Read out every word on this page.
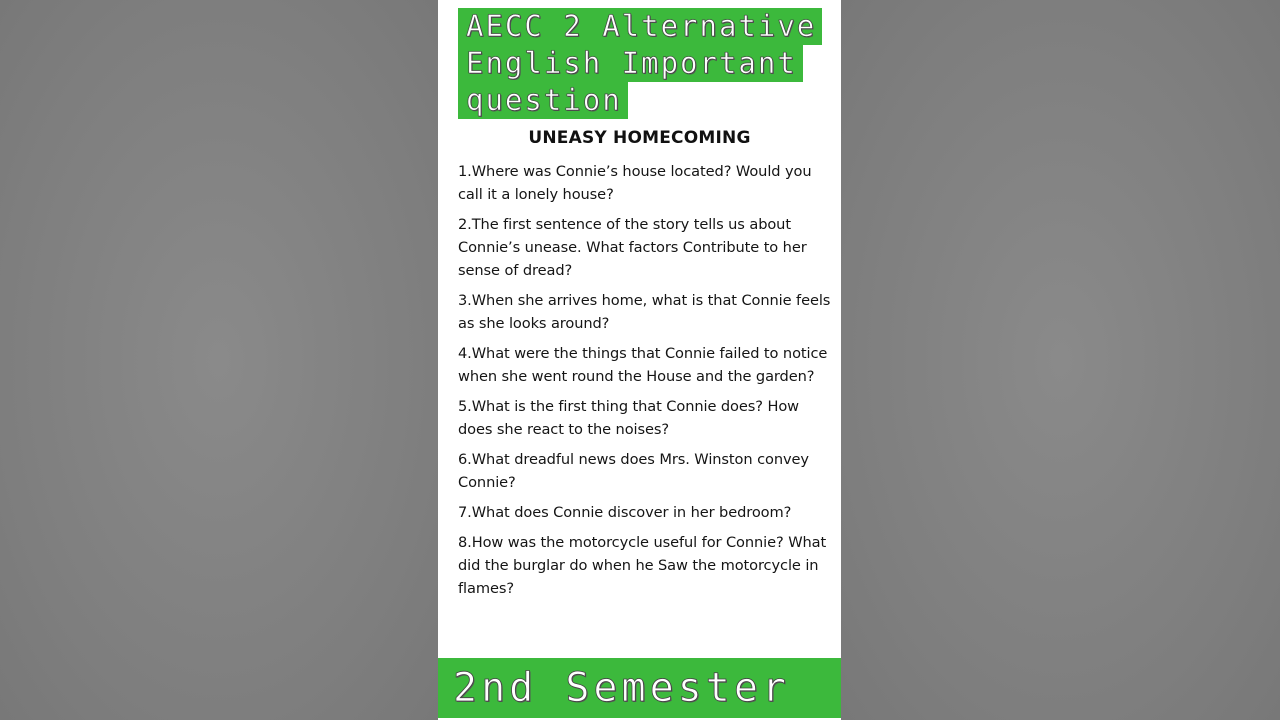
AECC 2 Alternative
English Important
question
UNEASY HOMECOMING

1.Where was Connie’s house located? Would you call it a lonely house?

2.The first sentence of the story tells us about Connie’s unease. What factors Contribute to her sense of dread?

3.When she arrives home, what is that Connie feels as she looks around?

4.What were the things that Connie failed to notice when she went round the House and the garden?

5.What is the first thing that Connie does? How does she react to the noises?

6.What dreadful news does Mrs. Winston convey Connie?

7.What does Connie discover in her bedroom?

8.How was the motorcycle useful for Connie? What did the burglar do when he Saw the motorcycle in flames?

2nd Semester
